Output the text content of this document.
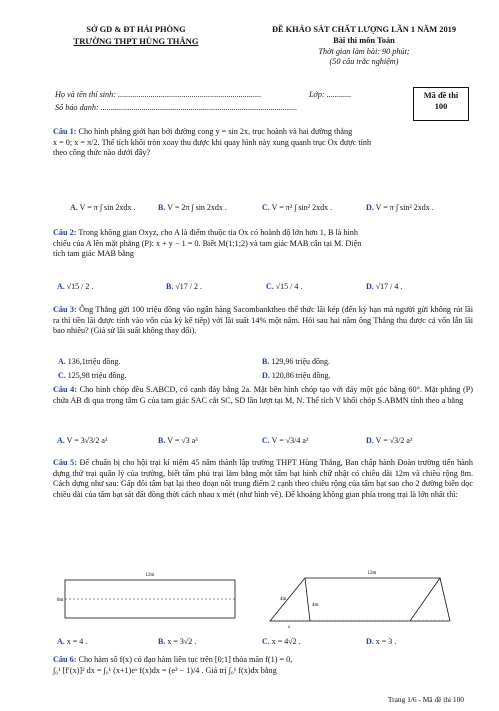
SỞ GD & ĐT HẢI PHÒNG
TRƯỜNG THPT HÙNG THẮNG
ĐỀ KHẢO SÁT CHẤT LƯỢNG LẦN 1 NĂM 2019
Bài thi môn Toán
Thời gian làm bài: 90 phút;
(50 câu trắc nghiệm)
Họ và tên thí sinh: ......................................................................	Lớp: ............
Số báo danh: ................................................................................................
Mã đề thi
100
Câu 1: Cho hình phẳng giới hạn bởi đường cong y = sin 2x, trục hoành và hai đường thẳng
x = 0; x = π/2. Thể tích khối tròn xoay thu được khi quay hình này xung quanh trục Ox được tính
theo công thức nào dưới đây?
A. V = π ∫ sin 2xdx .	B. V = 2π ∫ sin 2xdx .	C. V = π² ∫ sin² 2xdx .	D. V = π ∫ sin² 2xdx .
Câu 2: Trong không gian Oxyz, cho A là điểm thuộc tia Ox có hoành độ lớn hơn 1, B là hình
chiếu của A lên mặt phẳng (P): x + y − 1 = 0. Biết M(1;1;2) và tam giác MAB cân tại M. Diện
tích tam giác MAB bằng
A. √15 / 2 .	B. √17 / 2 .	C. √15 / 4 .	D. √17 / 4 .
Câu 3: Ông Thắng gửi 100 triệu đồng vào ngân hàng Sacombanktheo thể thức lãi kép (đến kỳ hạn mà người gửi không rút lãi ra thì tiền lãi được tính vào vốn của kỳ kế tiếp) với lãi suất 14% một năm. Hỏi sau hai năm ông Thắng thu được cả vốn lẫn lãi bao nhiêu? (Giả sử lãi suất không thay đổi).
A. 136,1triệu đồng.	B. 129,96 triệu đồng.
C. 125,98 triệu đồng.	D. 120,86 triệu đồng.
Câu 4: Cho hình chóp đều S.ABCD, có cạnh đáy bằng 2a. Mặt bên hình chóp tạo với đáy một góc bằng 60°. Mặt phẳng (P) chứa AB đi qua trọng tâm G của tam giác SAC cắt SC, SD lần lượt tại M, N. Thể tích V khối chóp S.ABMN tính theo a bằng
A. V = 3√3/2 a³	B. V = √3 a³	C. V = √3/4 a³	D. V = √3/2 a³
Câu 5: Để chuẩn bị cho hội trại kỉ niệm 45 năm thành lập trường THPT Hùng Thắng, Ban chấp hành Đoàn trường tiến hành dựng thử trại quân lý của trường, biết tấm phủ trại làm bằng một tấm bạt hình chữ nhật có chiều dài 12m và chiều rộng 8m. Cách dựng như sau: Gấp đôi tấm bạt lại theo đoạn nối trung điểm 2 cạnh theo chiều rộng của tấm bạt sao cho 2 đường biên dọc chiều dài của tấm bạt sát đất đồng thời cách nhau x mét (như hình vẽ). Để khoảng không gian phía trong trại là lớn nhất thì:
12m
8m
12m
4m
4m
x
A. x = 4 .	B. x = 3√2 .	C. x = 4√2 .	D. x = 3 .
Câu 6: Cho hàm số f(x) có đạo hàm liên tục trên [0;1] thỏa mãn f(1) = 0,
∫₀¹ [f′(x)]² dx = ∫₀¹ (x+1)eˣ f(x)dx = (e² − 1)/4 . Giá trị ∫₀¹ f(x)dx bằng
Trang 1/6 - Mã đề thi 100
